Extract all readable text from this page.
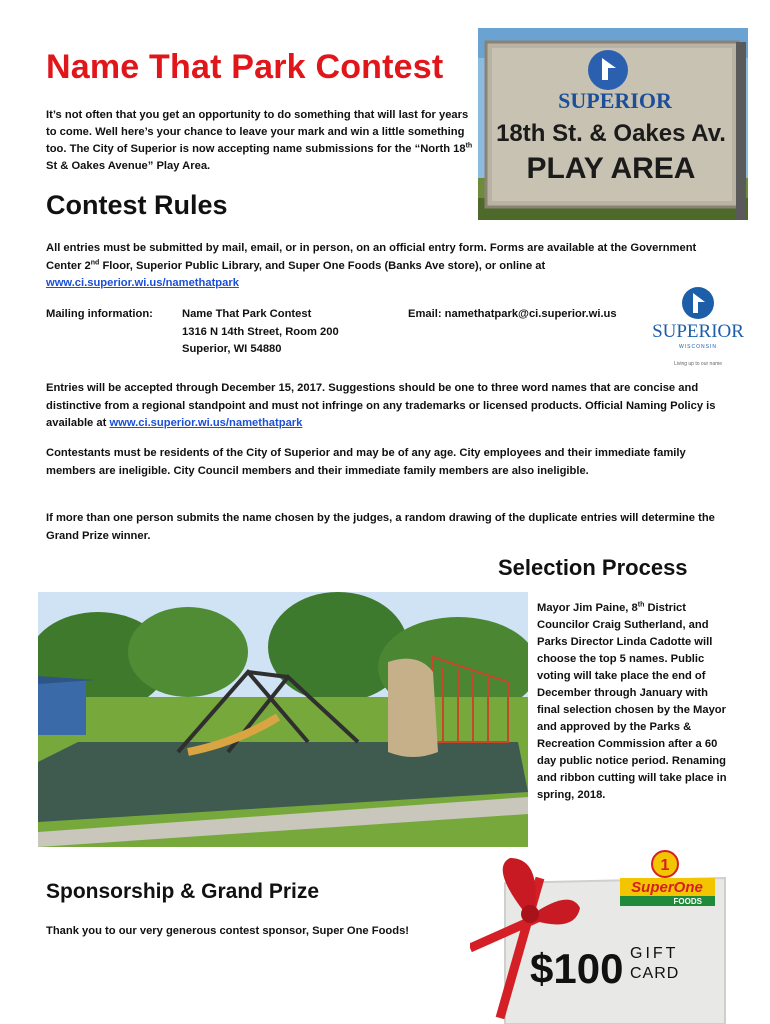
Name That Park Contest
It’s not often that you get an opportunity to do something that will last for years to come. Well here’s your chance to leave your mark and win a little something too. The City of Superior is now accepting name submissions for the “North 18th St & Oakes Avenue” Play Area.
SUPERIOR
18th St. & Oakes Av.
PLAY AREA
Contest Rules
All entries must be submitted by mail, email, or in person, on an official entry form. Forms are available at the Government Center 2nd Floor, Superior Public Library, and Super One Foods (Banks Ave store), or online at
www.ci.superior.wi.us/namethatpark
Mailing information:	Name That Park Contest
1316 N 14th Street, Room 200
Superior, WI 54880
Email: namethatpark@ci.superior.wi.us
SUPERIOR
WISCONSIN
Living up to our name
Entries will be accepted through December 15, 2017. Suggestions should be one to three word names that are concise and distinctive from a regional standpoint and must not infringe on any trademarks or licensed products. Official Naming Policy is available at www.ci.superior.wi.us/namethatpark
Contestants must be residents of the City of Superior and may be of any age. City employees and their immediate family members are ineligible. City Council members and their immediate family members are also ineligible.
If more than one person submits the name chosen by the judges, a random drawing of the duplicate entries will determine the Grand Prize winner.
Selection Process
Mayor Jim Paine, 8th District Councilor Craig Sutherland, and Parks Director Linda Cadotte will choose the top 5 names. Public voting will take place the end of December through January with final selection chosen by the Mayor and approved by the Parks & Recreation Commission after a 60 day public notice period. Renaming and ribbon cutting will take place in spring, 2018.
Sponsorship & Grand Prize
Thank you to our very generous contest sponsor, Super One Foods!
1
SuperOne
FOODS
$100 GIFT
CARD
